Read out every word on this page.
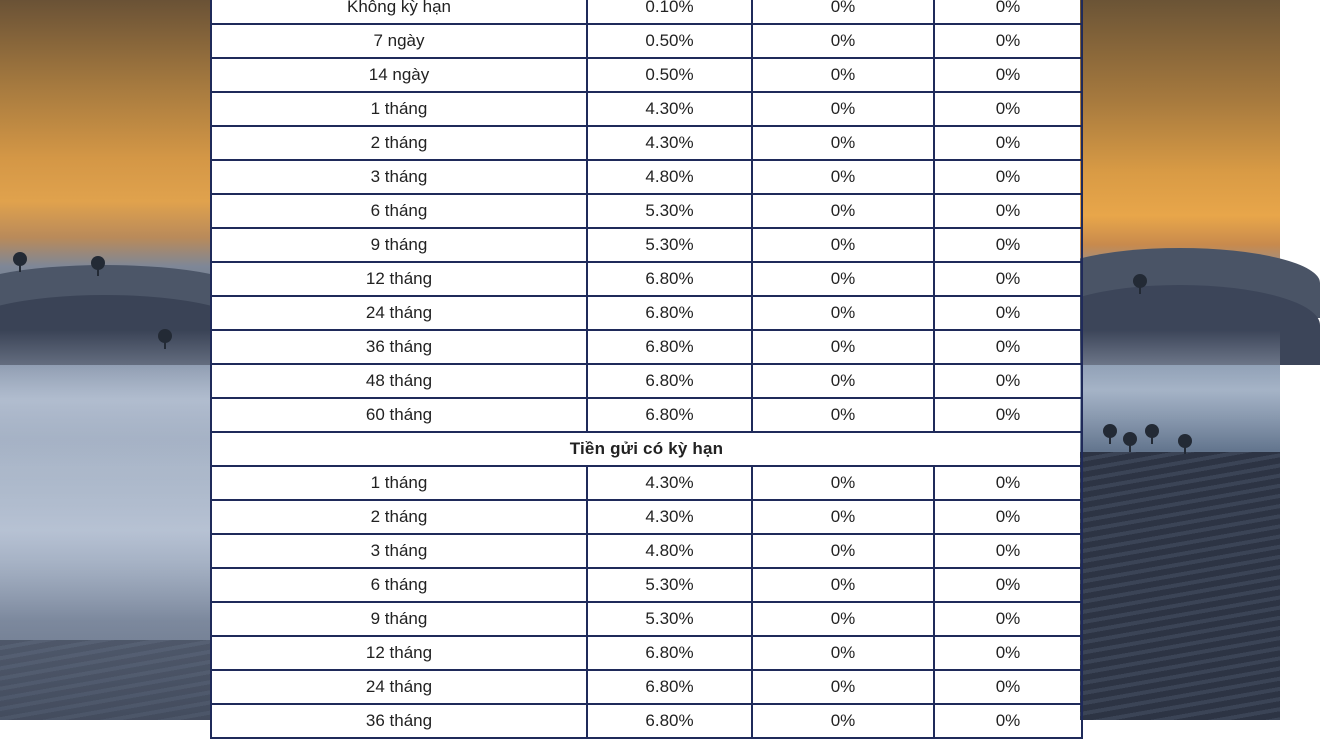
Không kỳ hạn	0.10%	0%	0%
7 ngày	0.50%	0%	0%
14 ngày	0.50%	0%	0%
1 tháng	4.30%	0%	0%
2 tháng	4.30%	0%	0%
3 tháng	4.80%	0%	0%
6 tháng	5.30%	0%	0%
9 tháng	5.30%	0%	0%
12 tháng	6.80%	0%	0%
24 tháng	6.80%	0%	0%
36 tháng	6.80%	0%	0%
48 tháng	6.80%	0%	0%
60 tháng	6.80%	0%	0%
Tiền gửi có kỳ hạn			
1 tháng	4.30%	0%	0%
2 tháng	4.30%	0%	0%
3 tháng	4.80%	0%	0%
6 tháng	5.30%	0%	0%
9 tháng	5.30%	0%	0%
12 tháng	6.80%	0%	0%
24 tháng	6.80%	0%	0%
36 tháng	6.80%	0%	0%
